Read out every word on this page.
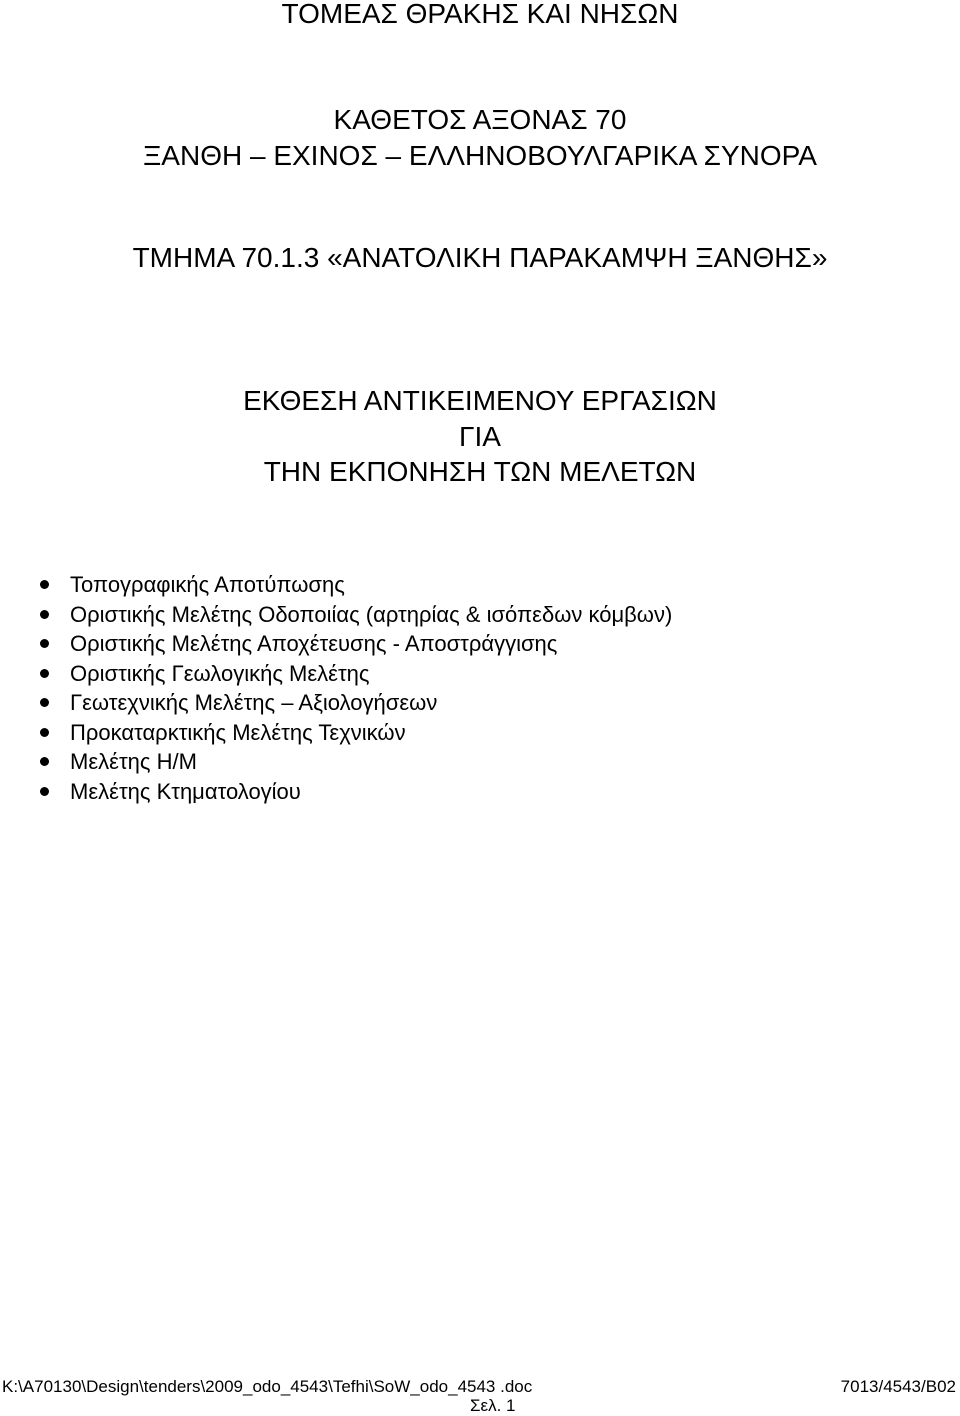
ΤΟΜΕΑΣ ΘΡΑΚΗΣ ΚΑΙ ΝΗΣΩΝ
ΚΑΘΕΤΟΣ ΑΞΟΝΑΣ 70
ΞΑΝΘΗ – ΕΧΙΝΟΣ – ΕΛΛΗΝΟΒΟΥΛΓΑΡΙΚΑ ΣΥΝΟΡΑ
ΤΜΗΜΑ 70.1.3 «ΑΝΑΤΟΛΙΚΗ ΠΑΡΑΚΑΜΨΗ ΞΑΝΘΗΣ»
ΕΚΘΕΣΗ ΑΝΤΙΚΕΙΜΕΝΟΥ ΕΡΓΑΣΙΩΝ
ΓΙΑ
ΤΗΝ ΕΚΠΟΝΗΣΗ ΤΩΝ ΜΕΛΕΤΩΝ
Τοπογραφικής Αποτύπωσης
Οριστικής Μελέτης Οδοποιίας (αρτηρίας & ισόπεδων κόμβων)
Οριστικής Μελέτης Αποχέτευσης - Αποστράγγισης
Οριστικής Γεωλογικής Μελέτης
Γεωτεχνικής Μελέτης – Αξιολογήσεων
Προκαταρκτικής Μελέτης Τεχνικών
Μελέτης Η/Μ
Μελέτης Κτηματολογίου
K:\A70130\Design\tenders\2009_odo_4543\Tefhi\SoW_odo_4543 .doc	7013/4543/B02
Σελ. 1
